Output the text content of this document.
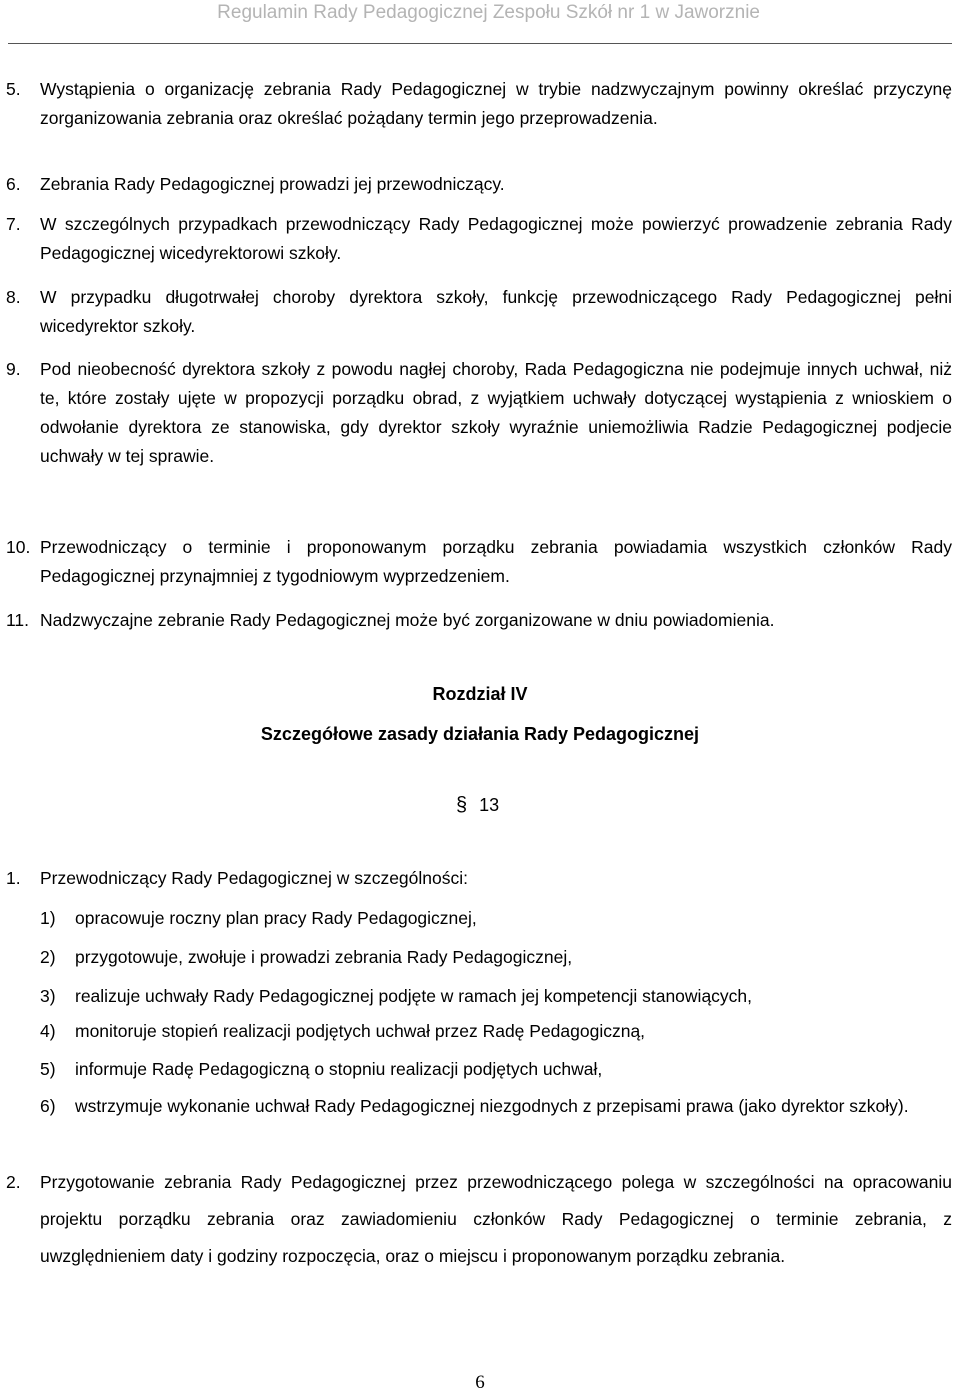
Regulamin Rady Pedagogicznej Zespołu Szkół nr 1 w Jaworznie
5. Wystąpienia o organizację zebrania Rady Pedagogicznej w trybie nadzwyczajnym powinny określać przyczynę zorganizowania zebrania oraz określać pożądany termin jego przeprowadzenia.
6. Zebrania Rady Pedagogicznej prowadzi jej przewodniczący.
7. W szczególnych przypadkach przewodniczący Rady Pedagogicznej może powierzyć prowadzenie zebrania Rady Pedagogicznej wicedyrektorowi szkoły.
8. W przypadku długotrwałej choroby dyrektora szkoły, funkcję przewodniczącego Rady Pedagogicznej pełni wicedyrektor szkoły.
9. Pod nieobecność dyrektora szkoły z powodu nagłej choroby, Rada Pedagogiczna nie podejmuje innych uchwał, niż te, które zostały ujęte w propozycji porządku obrad, z wyjątkiem uchwały dotyczącej wystąpienia z wnioskiem o odwołanie dyrektora ze stanowiska, gdy dyrektor szkoły wyraźnie uniemożliwia Radzie Pedagogicznej podjecie uchwały w tej sprawie.
10. Przewodniczący o terminie i proponowanym porządku zebrania powiadamia wszystkich członków Rady Pedagogicznej przynajmniej z tygodniowym wyprzedzeniem.
11. Nadzwyczajne zebranie Rady Pedagogicznej może być zorganizowane w dniu powiadomienia.
Rozdział IV
Szczegółowe zasady działania Rady Pedagogicznej
§ 13
1. Przewodniczący Rady Pedagogicznej w szczególności:
1) opracowuje roczny plan pracy Rady Pedagogicznej,
2) przygotowuje, zwołuje i prowadzi zebrania Rady Pedagogicznej,
3) realizuje uchwały Rady Pedagogicznej podjęte w ramach jej kompetencji stanowiących,
4) monitoruje stopień realizacji podjętych uchwał przez Radę Pedagogiczną,
5) informuje Radę Pedagogiczną o stopniu realizacji podjętych uchwał,
6) wstrzymuje wykonanie uchwał Rady Pedagogicznej niezgodnych z przepisami prawa (jako dyrektor szkoły).
2. Przygotowanie zebrania Rady Pedagogicznej przez przewodniczącego polega w szczególności na opracowaniu projektu porządku zebrania oraz zawiadomieniu członków Rady Pedagogicznej o terminie zebrania, z uwzględnieniem daty i godziny rozpoczęcia, oraz o miejscu i proponowanym porządku zebrania.
6
